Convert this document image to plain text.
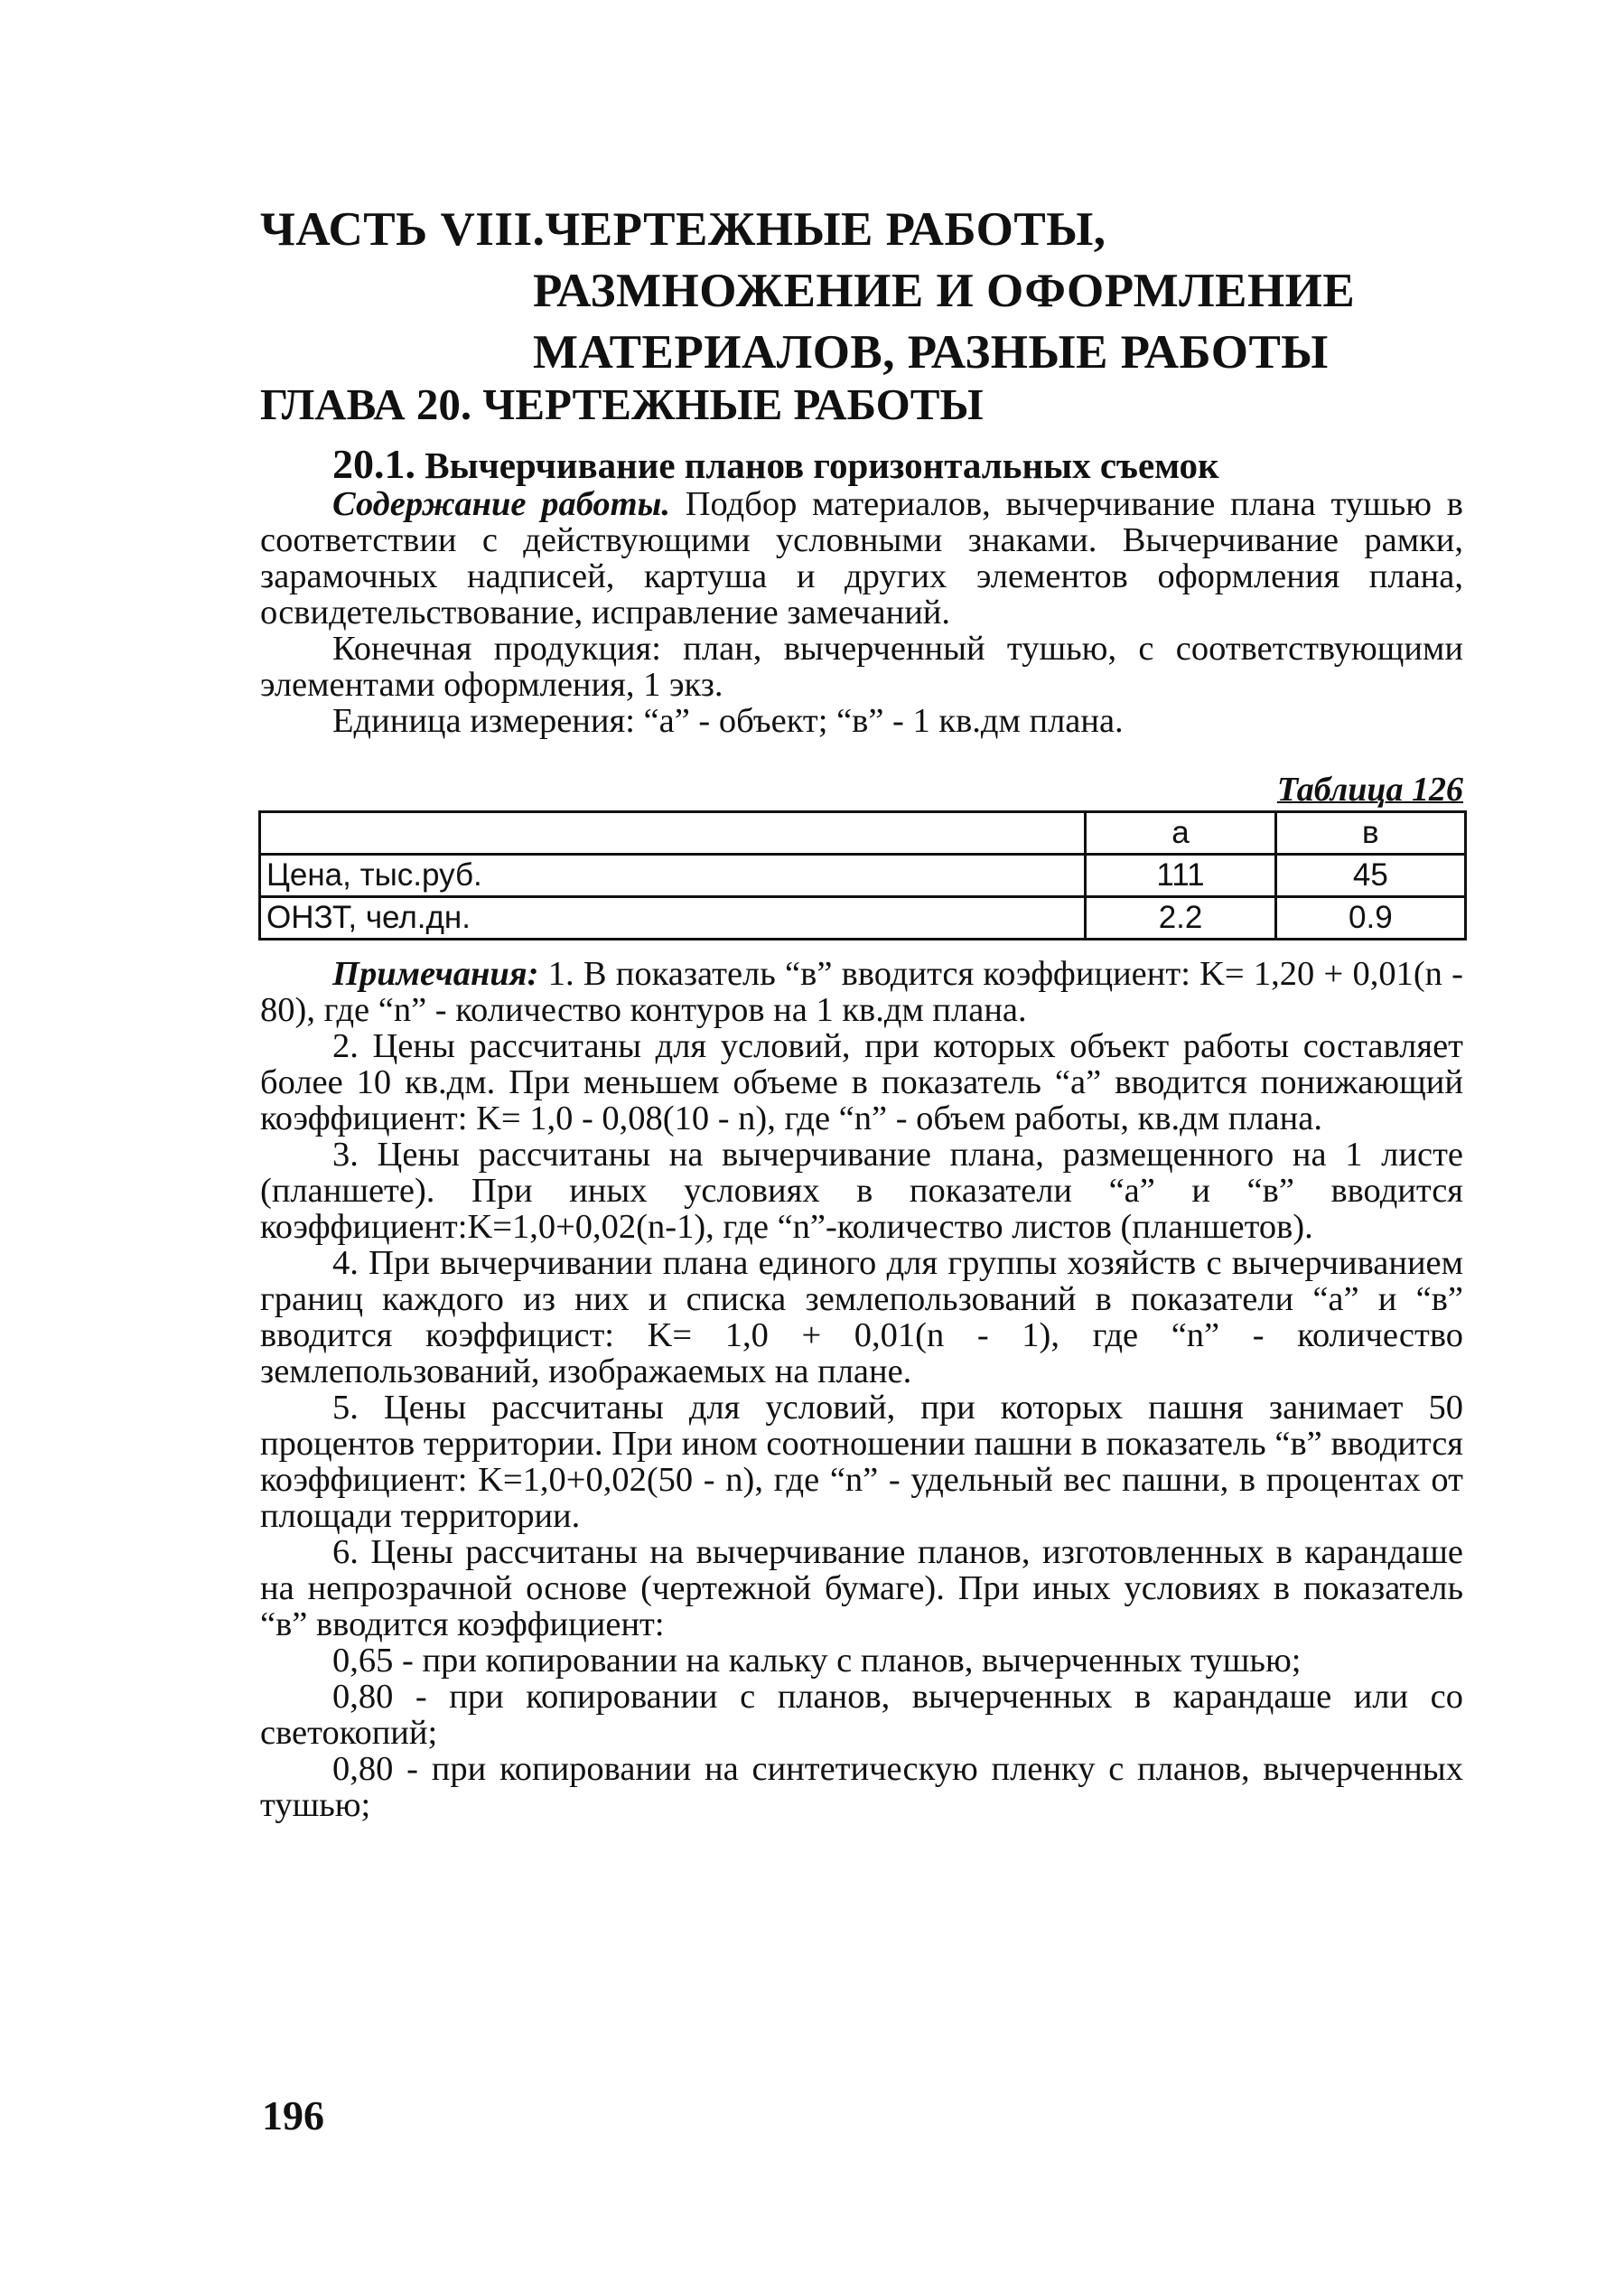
ЧАСТЬ VIII.ЧЕРТЕЖНЫЕ РАБОТЫ,
РАЗМНОЖЕНИЕ И ОФОРМЛЕНИЕ
МАТЕРИАЛОВ, РАЗНЫЕ РАБОТЫ
ГЛАВА 20. ЧЕРТЕЖНЫЕ РАБОТЫ
20.1. Вычерчивание планов горизонтальных съемок

Содержание работы. Подбор материалов, вычерчивание плана тушью в соответствии с действующими условными знаками. Вычерчивание рамки, зарамочных надписей, картуша и других элементов оформления плана, освидетельствование, исправление замечаний.

Конечная продукция: план, вычерченный тушью, с соответствующими элементами оформления, 1 экз.

Единица измерения: “а” - объект; “в” - 1 кв.дм плана.

Таблица 126
	а	в
Цена, тыс.руб.	111	45
ОНЗТ, чел.дн.	2.2	0.9

Примечания: 1. В показатель “в” вводится коэффициент: K= 1,20 + 0,01(n - 80), где “n” - количество контуров на 1 кв.дм плана.

2. Цены рассчитаны для условий, при которых объект работы составляет более 10 кв.дм. При меньшем объеме в показатель “а” вводится понижающий коэффициент: K= 1,0 - 0,08(10 - n), где “n” - объем работы, кв.дм плана.

3. Цены рассчитаны на вычерчивание плана, размещенного на 1 листе (планшете). При иных условиях в показатели “а” и “в” вводится коэффициент:K=1,0+0,02(n-1), где “n”-количество листов (планшетов).

4. При вычерчивании плана единого для группы хозяйств с вычерчиванием границ каждого из них и списка землепользований в показатели “а” и “в” вводится коэффицист: K= 1,0 + 0,01(n - 1), где “n” - количество землепользований, изображаемых на плане.

5. Цены рассчитаны для условий, при которых пашня занимает 50 процентов территории. При ином соотношении пашни в показатель “в” вводится коэффициент: K=1,0+0,02(50 - n), где “n” - удельный вес пашни, в процентах от площади территории.

6. Цены рассчитаны на вычерчивание планов, изготовленных в карандаше на непрозрачной основе (чертежной бумаге). При иных условиях в показатель “в” вводится коэффициент:

0,65 - при копировании на кальку с планов, вычерченных тушью;

0,80 - при копировании с планов, вычерченных в карандаше или со светокопий;

0,80 - при копировании на синтетическую пленку с планов, вычерченных тушью;

196
